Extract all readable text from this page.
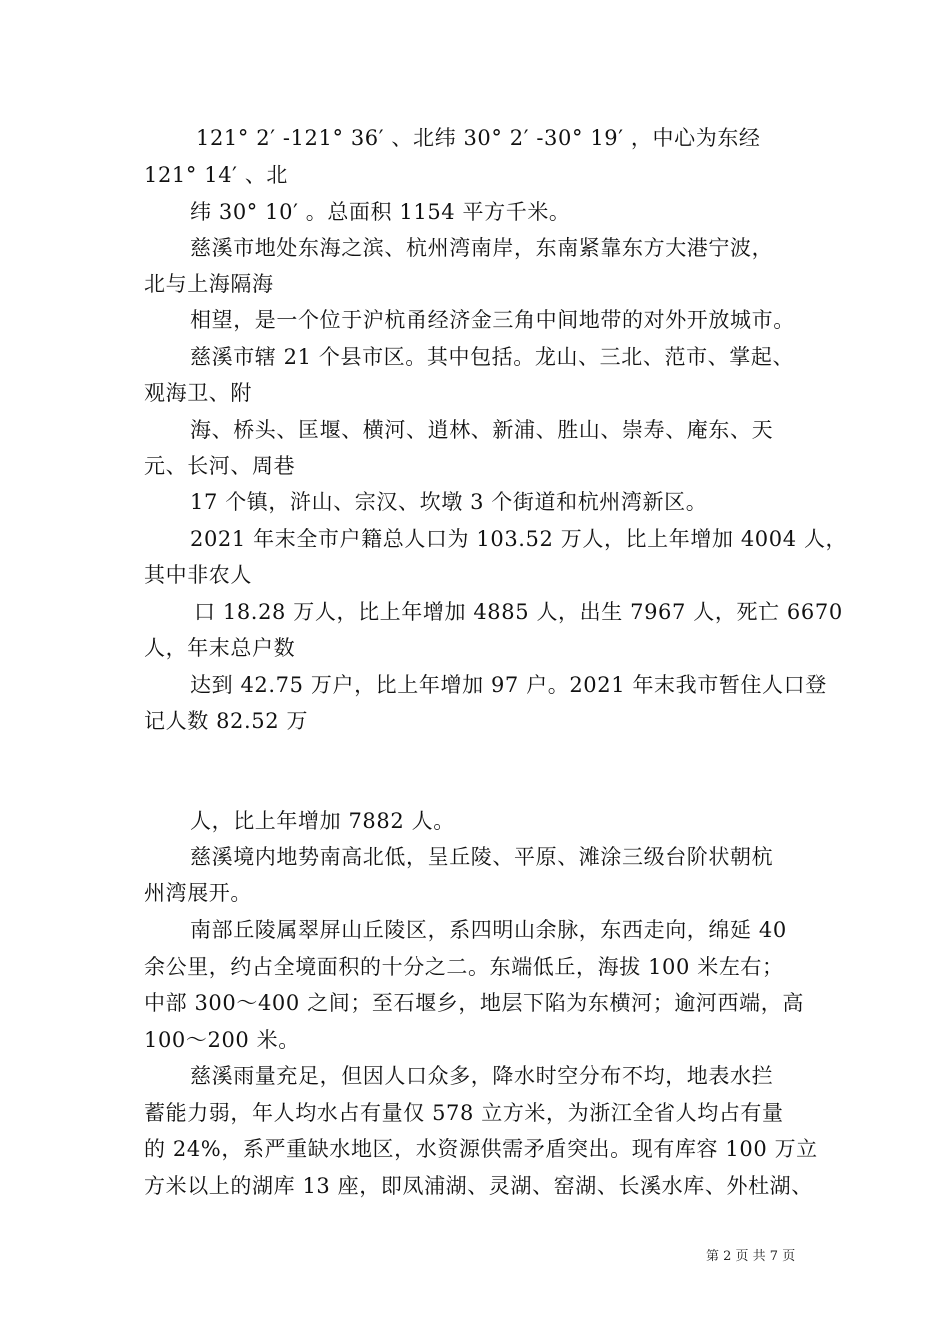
121° 2′ -121° 36′ 、北纬 30° 2′ -30° 19′ ，中心为东经
121° 14′ 、北
纬 30° 10′ 。总面积 1154 平方千米。
慈溪市地处东海之滨、杭州湾南岸，东南紧靠东方大港宁波，
北与上海隔海
相望，是一个位于沪杭甬经济金三角中间地带的对外开放城市。
慈溪市辖 21 个县市区。其中包括。龙山、三北、范市、掌起、
观海卫、附
海、桥头、匡堰、横河、逍林、新浦、胜山、崇寿、庵东、天
元、长河、周巷
17 个镇，浒山、宗汉、坎墩 3 个街道和杭州湾新区。
2021 年末全市户籍总人口为 103.52 万人，比上年增加 4004 人，
其中非农人
口 18.28 万人，比上年增加 4885 人，出生 7967 人，死亡 6670
人，年末总户数
达到 42.75 万户，比上年增加 97 户。2021 年末我市暂住人口登
记人数 82.52 万
人，比上年增加 7882 人。
慈溪境内地势南高北低，呈丘陵、平原、滩涂三级台阶状朝杭
州湾展开。
南部丘陵属翠屏山丘陵区，系四明山余脉，东西走向，绵延 40
余公里，约占全境面积的十分之二。东端低丘，海拔 100 米左右；
中部 300～400 之间；至石堰乡，地层下陷为东横河；逾河西端，高
100～200 米。
慈溪雨量充足，但因人口众多，降水时空分布不均，地表水拦
蓄能力弱，年人均水占有量仅 578 立方米，为浙江全省人均占有量
的 24%，系严重缺水地区，水资源供需矛盾突出。现有库容 100 万立
方米以上的湖库 13 座，即凤浦湖、灵湖、窑湖、长溪水库、外杜湖、
第 2 页 共 7 页
